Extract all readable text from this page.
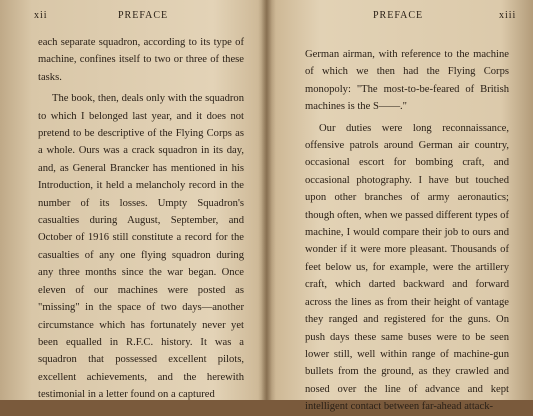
xii	PREFACE

each separate squadron, according to its type of machine, confines itself to two or three of these tasks.

The book, then, deals only with the squadron to which I belonged last year, and it does not pretend to be descriptive of the Flying Corps as a whole. Ours was a crack squadron in its day, and, as General Brancker has mentioned in his Introduction, it held a melancholy record in the number of its losses. Umpty Squadron's casualties during August, September, and October of 1916 still constitute a record for the casualties of any one flying squadron during any three months since the war began. Once eleven of our machines were posted as "missing" in the space of two days—another circumstance which has fortunately never yet been equalled in R.F.C. history. It was a squadron that possessed excellent pilots, excellent achievements, and the herewith testimonial in a letter found on a captured

PREFACE	xiii

German airman, with reference to the machine of which we then had the Flying Corps monopoly: "The most-to-be-feared of British machines is the S——."

Our duties were long reconnaissance, offensive patrols around German air country, occasional escort for bombing craft, and occasional photography. I have but touched upon other branches of army aeronautics; though often, when we passed different types of machine, I would compare their job to ours and wonder if it were more pleasant. Thousands of feet below us, for example, were the artillery craft, which darted backward and forward across the lines as from their height of vantage they ranged and registered for the guns. On push days these same buses were to be seen lower still, well within range of machine-gun bullets from the ground, as they crawled and nosed over the line of advance and kept intelligent contact between far-ahead attack-
